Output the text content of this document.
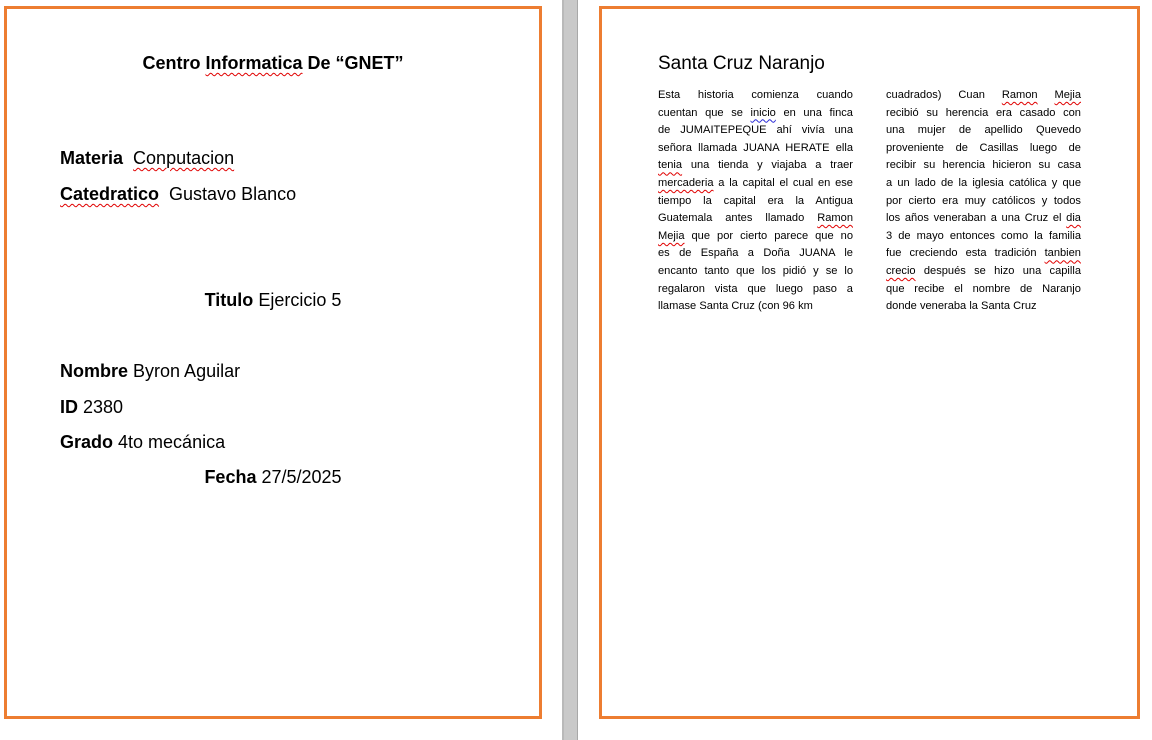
Centro Informatica De “GNET”
Materia Conputacion
Catedratico Gustavo Blanco
Titulo Ejercicio 5
Nombre Byron Aguilar
ID 2380
Grado 4to mecánica
Fecha 27/5/2025
Santa Cruz Naranjo
Esta historia comienza cuando
cuentan que se inicio en una finca
de JUMAITEPEQUE ahí vivía una
señora llamada JUANA HERATE ella
tenia una tienda y viajaba a traer
mercaderia a la capital el cual en ese
tiempo la capital era la Antigua
Guatemala antes llamado Ramon
Mejia que por cierto parece que no
es de España a Doña JUANA le
encanto tanto que los pidió y se lo
regalaron vista que luego paso a
llamase Santa Cruz (con 96 km
cuadrados) Cuan Ramon Mejia
recibió su herencia era casado con
una mujer de apellido Quevedo
proveniente de Casillas luego de
recibir su herencia hicieron su casa
a un lado de la iglesia católica y que
por cierto era muy católicos y todos
los años veneraban a una Cruz el dia
3 de mayo entonces como la familia
fue creciendo esta tradición tanbien
crecio después se hizo una capilla
que recibe el nombre de Naranjo
donde veneraba la Santa Cruz
